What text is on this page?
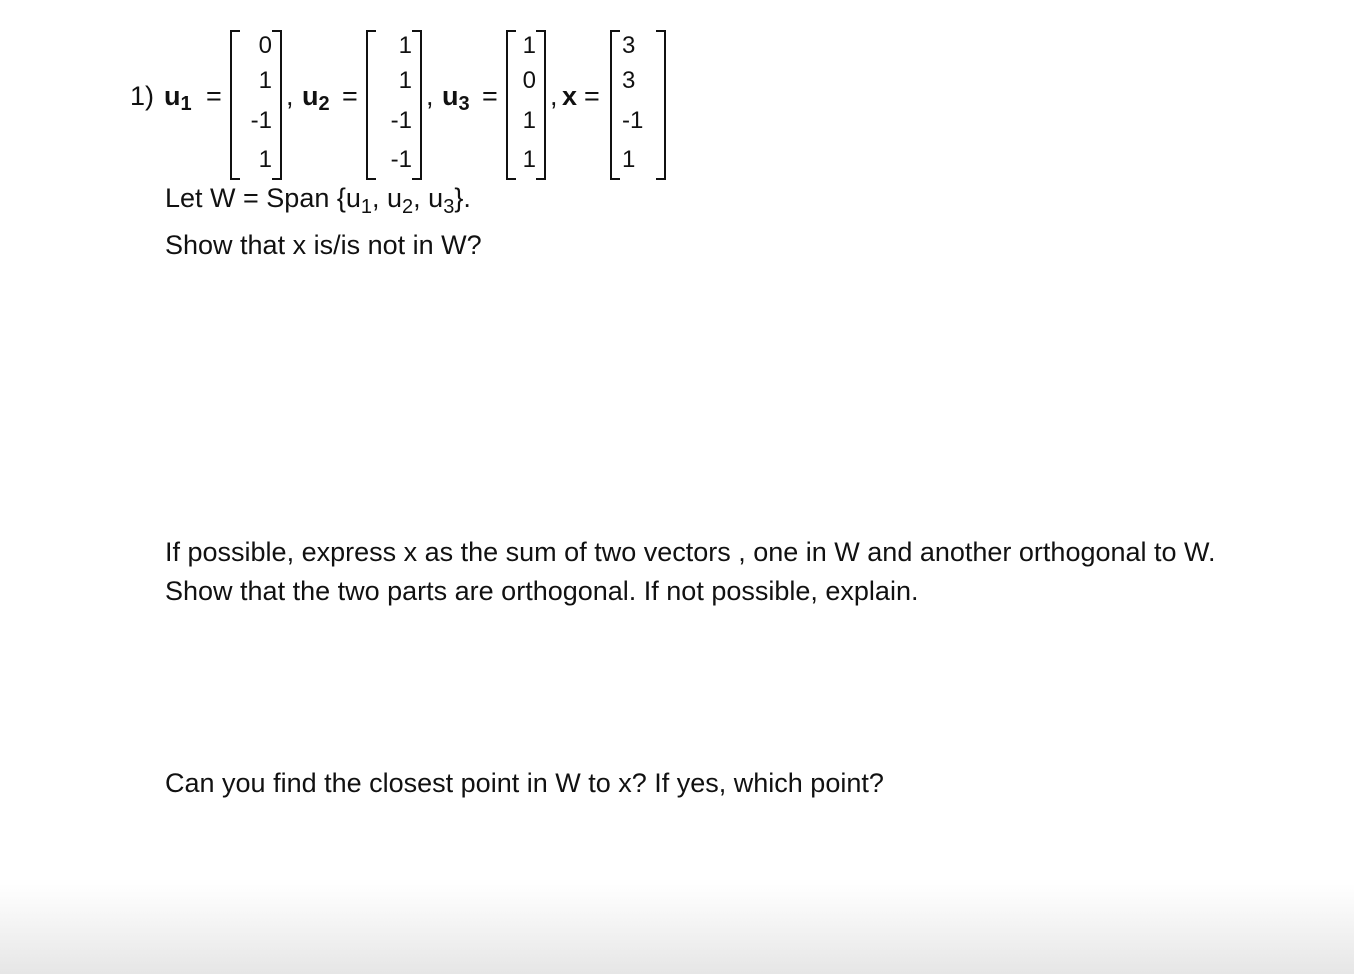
1) u1 =
0
1
-1
1
, u2 =
1
1
-1
-1
, u3 =
1
0
1
1
, x =
3
3
-1
1
Let W = Span {$u_1$, $u_2$, $u_3$}.
Show that x is/is not in W?
If possible, express x as the sum of two vectors , one in W and another orthogonal to W.
Show that the two parts are orthogonal. If not possible, explain.
Can you find the closest point in W to x? If yes, which point?
